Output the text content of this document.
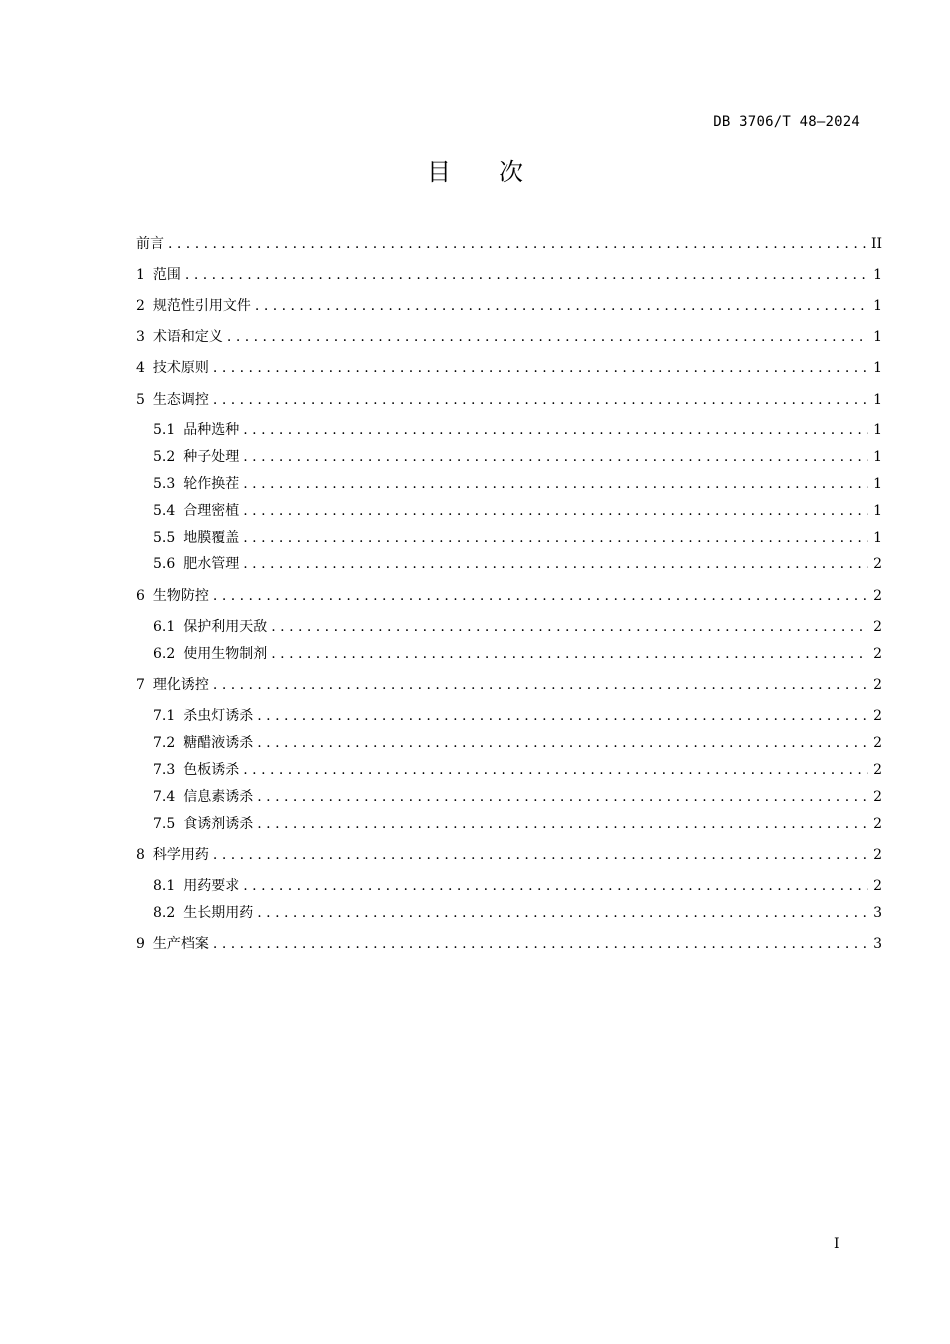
DB 3706/T 48—2024
目次
前言 . . .	II
1 范围 . . .	1
2 规范性引用文件 . . .	1
3 术语和定义 . . .	1
4 技术原则 . . .	1
5 生态调控 . . .	1
5.1 品种选种 . . .	1
5.2 种子处理 . . .	1
5.3 轮作换茬 . . .	1
5.4 合理密植 . . .	1
5.5 地膜覆盖 . . .	1
5.6 肥水管理 . . .	2
6 生物防控 . . .	2
6.1 保护利用天敌 . . .	2
6.2 使用生物制剂 . . .	2
7 理化诱控 . . .	2
7.1 杀虫灯诱杀 . . .	2
7.2 糖醋液诱杀 . . .	2
7.3 色板诱杀 . . .	2
7.4 信息素诱杀 . . .	2
7.5 食诱剂诱杀 . . .	2
8 科学用药 . . .	2
8.1 用药要求 . . .	2
8.2 生长期用药 . . .	3
9 生产档案 . . .	3
I
